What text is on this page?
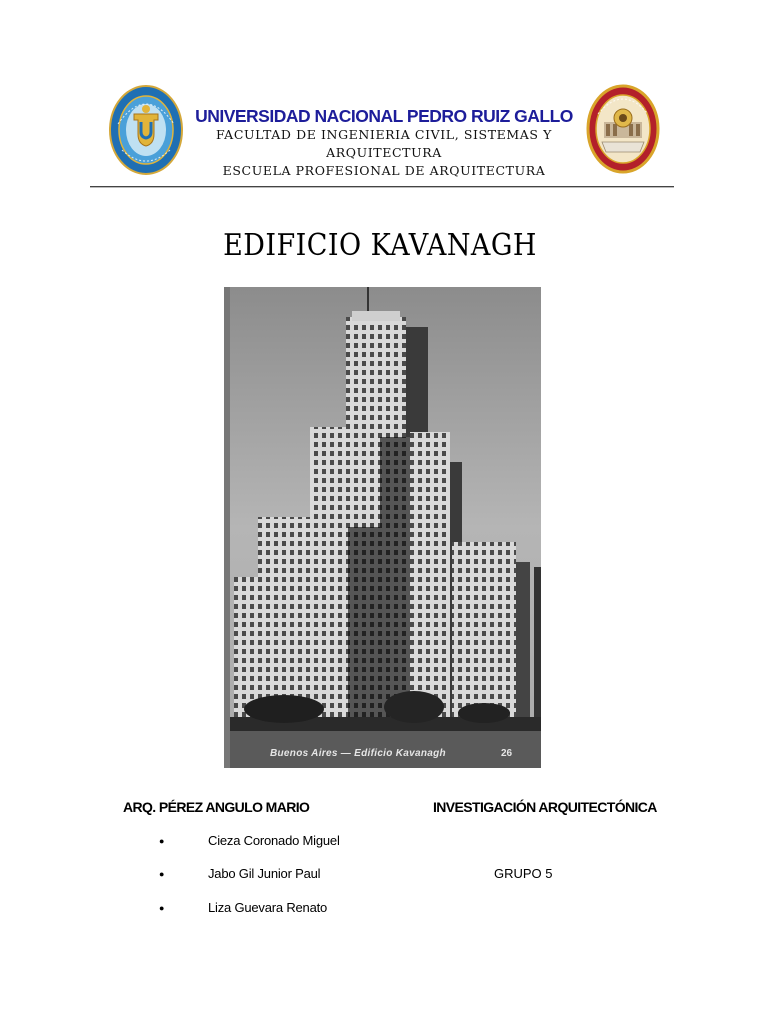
UNIVERSIDAD NACIONAL PEDRO RUIZ GALLO
FACULTAD DE INGENIERIA CIVIL, SISTEMAS Y
ARQUITECTURA
ESCUELA PROFESIONAL DE ARQUITECTURA
EDIFICIO KAVANAGH
Buenos Aires — Edificio Kavanagh	26
ARQ. PÉREZ ANGULO MARIO	INVESTIGACIÓN ARQUITECTÓNICA
●	Cieza Coronado Miguel
●	Jabo Gil Junior Paul
●	Liza Guevara Renato
GRUPO 5
